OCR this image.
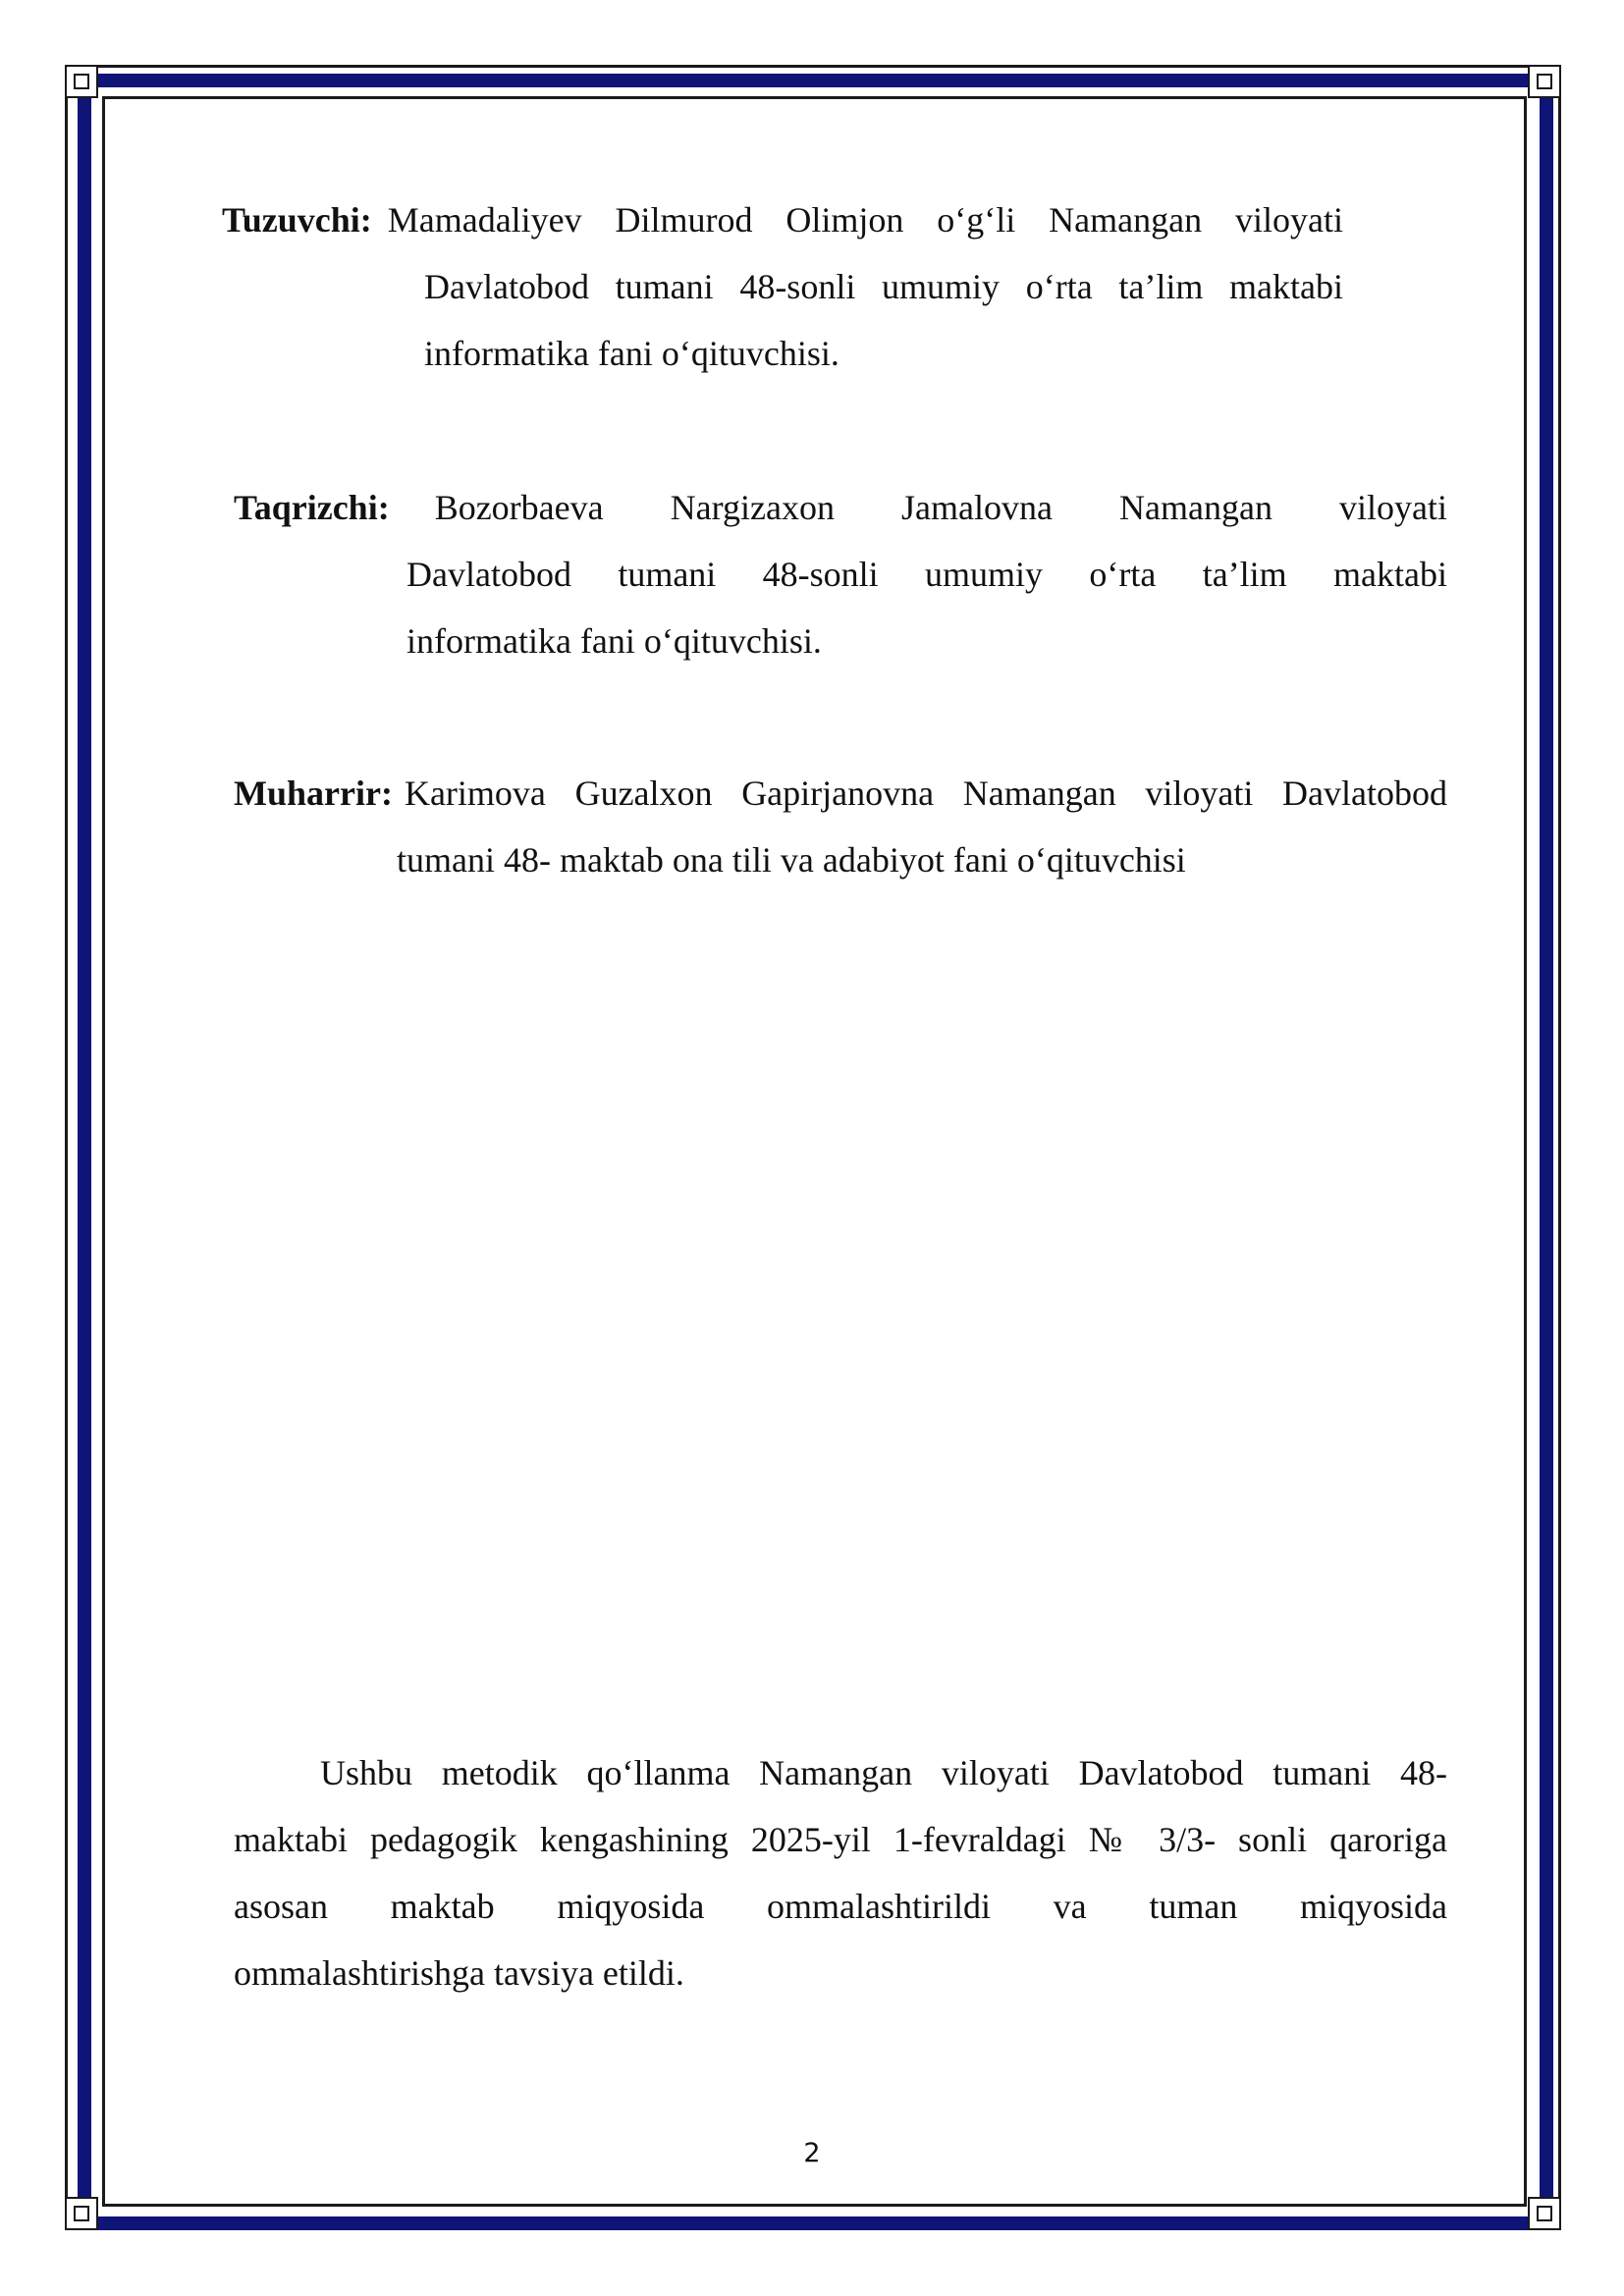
Tuzuvchi: Mamadaliyev Dilmurod Olimjon o‘g‘li Namangan viloyati
Davlatobod tumani 48-sonli umumiy o‘rta ta’lim maktabi
informatika fani o‘qituvchisi.
Taqrizchi: Bozorbaeva Nargizaxon Jamalovna Namangan viloyati
Davlatobod tumani 48-sonli umumiy o‘rta ta’lim maktabi
informatika fani o‘qituvchisi.
Muharrir: Karimova Guzalxon Gapirjanovna Namangan viloyati Davlatobod
tumani 48- maktab ona tili va adabiyot fani o‘qituvchisi
Ushbu metodik qo‘llanma Namangan viloyati Davlatobod tumani 48-
maktabi pedagogik kengashining 2025-yil 1-fevraldagi № 3/3- sonli qaroriga
asosan maktab miqyosida ommalashtirildi va tuman miqyosida
ommalashtirishga tavsiya etildi.
2
